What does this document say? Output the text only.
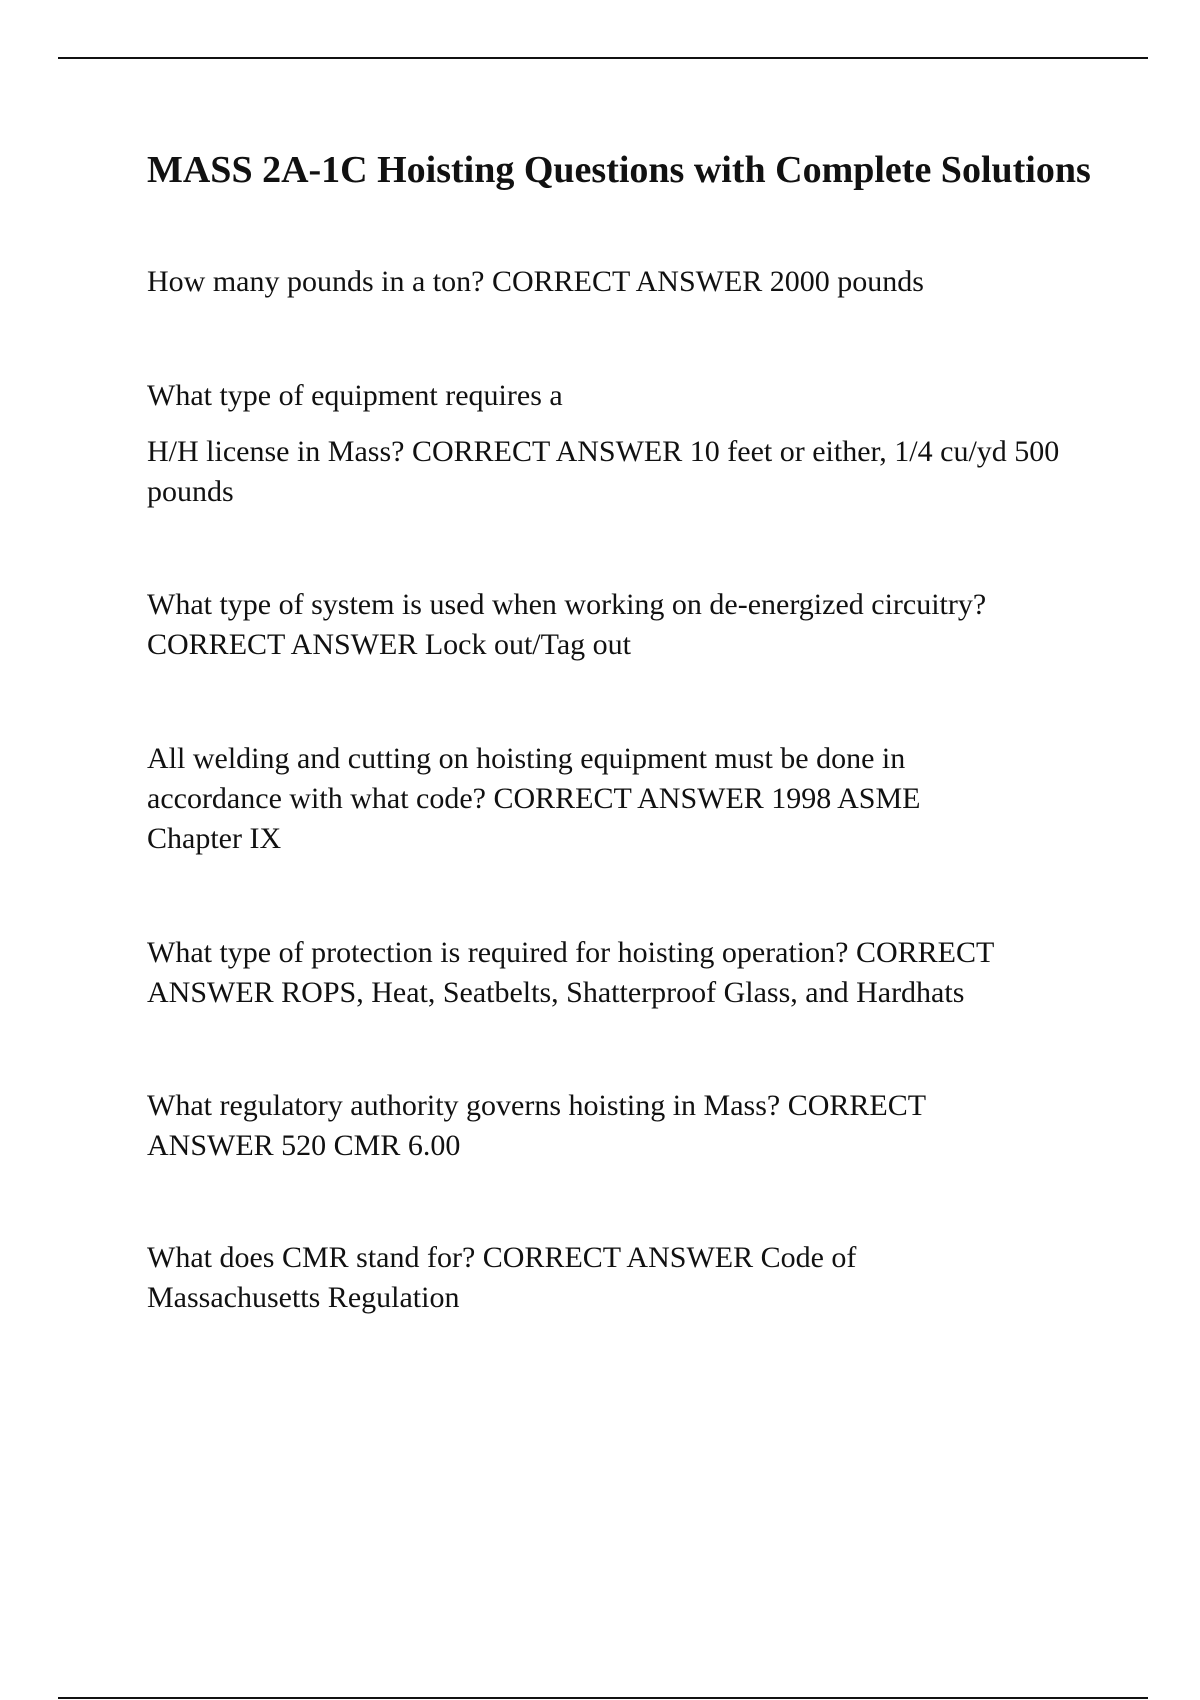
MASS 2A-1C Hoisting Questions with Complete Solutions

How many pounds in a ton? CORRECT ANSWER 2000 pounds

What type of equipment requires a

H/H license in Mass? CORRECT ANSWER 10 feet or either, 1/4 cu/yd 500 pounds

What type of system is used when working on de-energized circuitry? CORRECT ANSWER Lock out/Tag out

All welding and cutting on hoisting equipment must be done in accordance with what code? CORRECT ANSWER 1998 ASME Chapter IX

What type of protection is required for hoisting operation? CORRECT ANSWER ROPS, Heat, Seatbelts, Shatterproof Glass, and Hardhats

What regulatory authority governs hoisting in Mass? CORRECT ANSWER 520 CMR 6.00

What does CMR stand for? CORRECT ANSWER Code of Massachusetts Regulation
